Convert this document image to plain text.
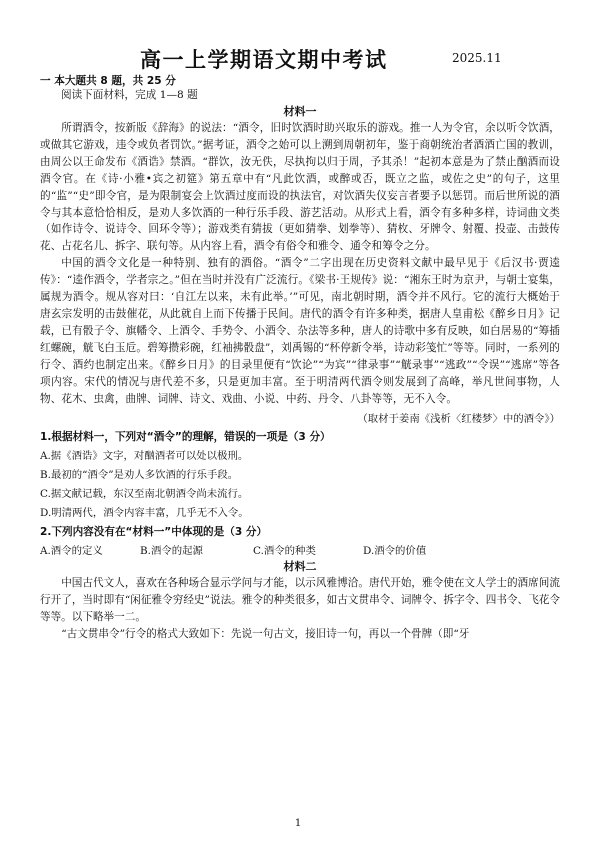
高一上学期语文期中考试	2025.11
一 本大题共 8 题，共 25 分
阅读下面材料，完成 1—8 题
材料一
所谓酒令，按新版《辞海》的说法：“酒令，旧时饮酒时助兴取乐的游戏。推一人为令官，余以听令饮酒，或做其它游戏，违令或负者罚饮。”据考证，酒令之始可以上溯到周朝初年，鉴于商朝统治者酒酒亡国的教训，由周公以王命发布《酒诰》禁酒。“群饮，汝无佚，尽执拘以归于周，予其杀！”起初本意是为了禁止酗酒而设酒令官。在《诗·小雅•宾之初筵》第五章中有“凡此饮酒，或醉或否，既立之监，或佐之史”的句子，这里的“监”“史”即令官，是为限制宴会上饮酒过度而设的执法官，对饮酒失仪妄言者要予以惩罚。而后世所说的酒令与其本意恰恰相反，是劝人多饮酒的一种行乐手段、游艺活动。从形式上看，酒令有多种多样，诗词曲文类（如作诗令、说诗令、回环令等）；游戏类有猜拔（更如猜拳、划拳等）、猜枚、牙牌令、射覆、投壶、击鼓传花、占花名儿、拆字、联句等。从内容上看，酒令有俗令和雅令、通令和筹令之分。
中国的酒令文化是一种特别、独有的酒俗。“酒令”二字出现在历史资料文献中最早见于《后汉书·贾逵传》：“逵作酒令，学者宗之。”但在当时并没有广泛流行。《梁书·王规传》说：“湘东王时为京尹，与朝士宴集，属规为酒令。规从容对曰：‘自江左以来，未有此举。’”可见，南北朝时期，酒令并不风行。它的流行大概始于唐玄宗发明的击鼓催花，从此就自上而下传播于民间。唐代的酒令有许多种类，据唐人皇甫松《醉乡日月》记载，已有骰子令、旗幡令、上酒令、手势令、小酒令、杂法等多种，唐人的诗歌中多有反映，如白居易的“筹插红螺碗，觥飞白玉卮。碧筹攒彩碗，红袖拂骰盘”，刘禹锡的“杯停新令举，诗动彩笺忙”等等。同时，一系列的行令、酒约也制定出来。《醉乡日月》的目录里便有“饮论”“为宾”“律录事”“觥录事”“逃政”“令误”“逃席”等各项内容。宋代的情况与唐代差不多，只是更加丰富。至于明清两代酒令则发展到了高峰，举凡世间事物，人物、花木、虫禽，曲牌、词牌、诗文、戏曲、小说、中药、丹令、八卦等等，无不入令。
（取材于姜南《浅析〈红楼梦〉中的酒令》）
1.根据材料一，下列对“酒令”的理解，错误的一项是（3 分）
A.据《酒诰》文字，对酗酒者可以处以极刑。
B.最初的“酒令”是劝人多饮酒的行乐手段。
C.据文献记载，东汉至南北朝酒令尚未流行。
D.明清两代，酒令内容丰富，几乎无不入令。
2.下列内容没有在“材料一”中体现的是（3 分）
A.酒令的定义	B.酒令的起源	C.酒令的种类	D.酒令的价值
材料二
中国古代文人，喜欢在各种场合显示学问与才能，以示风雅博洽。唐代开始，雅令使在文人学士的酒席间流行开了，当时即有“闲征雅令穷经史”说法。雅令的种类很多，如古文贯串令、词牌令、拆字令、四书令、飞花令等等。以下略举一二。
“古文贯串令”行令的格式大致如下：先说一句古文，接旧诗一句，再以一个骨牌（即“牙
1
